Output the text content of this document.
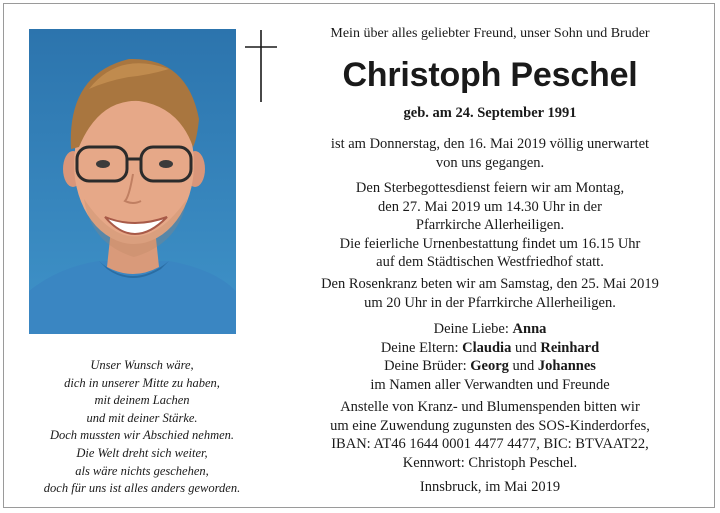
Unser Wunsch wäre,
dich in unserer Mitte zu haben,
mit deinem Lachen
und mit deiner Stärke.
Doch mussten wir Abschied nehmen.
Die Welt dreht sich weiter,
als wäre nichts geschehen,
doch für uns ist alles anders geworden.
Mein über alles geliebter Freund, unser Sohn und Bruder
Christoph Peschel
geb. am 24. September 1991
ist am Donnerstag, den 16. Mai 2019 völlig unerwartet
von uns gegangen.
Den Sterbegottesdienst feiern wir am Montag,
den 27. Mai 2019 um 14.30 Uhr in der
Pfarrkirche Allerheiligen.
Die feierliche Urnenbestattung findet um 16.15 Uhr
auf dem Städtischen Westfriedhof statt.
Den Rosenkranz beten wir am Samstag, den 25. Mai 2019
um 20 Uhr in der Pfarrkirche Allerheiligen.
Deine Liebe: Anna
Deine Eltern: Claudia und Reinhard
Deine Brüder: Georg und Johannes
im Namen aller Verwandten und Freunde
Anstelle von Kranz- und Blumenspenden bitten wir
um eine Zuwendung zugunsten des SOS-Kinderdorfes,
IBAN: AT46 1644 0001 4477 4477, BIC: BTVAAT22,
Kennwort: Christoph Peschel.
Innsbruck, im Mai 2019
